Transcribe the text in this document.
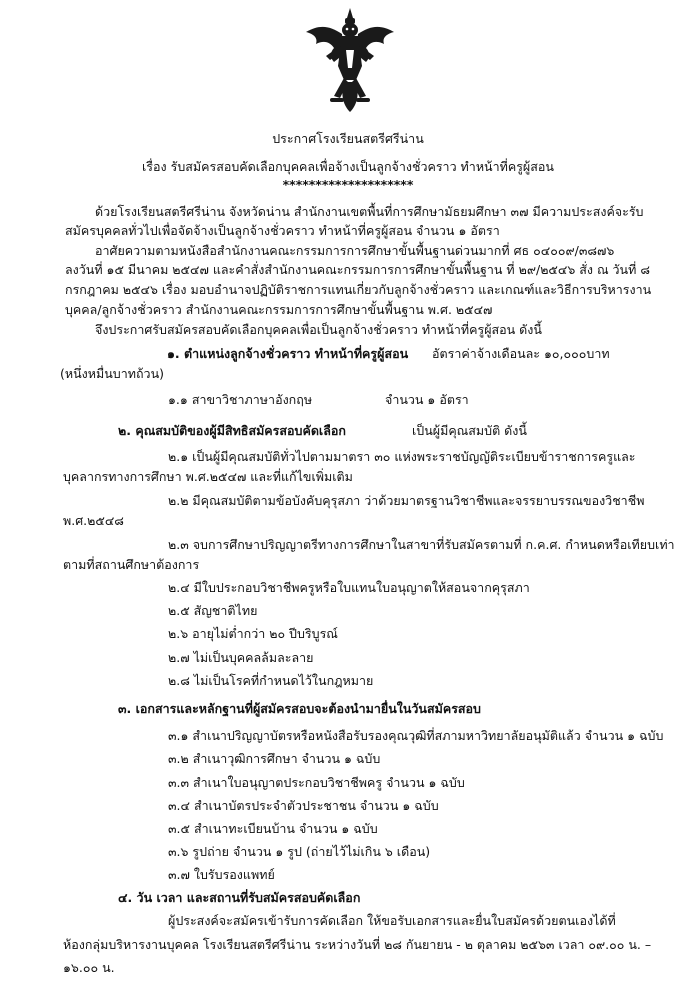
ประกาศโรงเรียนสตรีศรีน่าน
เรื่อง รับสมัครสอบคัดเลือกบุคคลเพื่อจ้างเป็นลูกจ้างชั่วคราว ทำหน้าที่ครูผู้สอน
********************
ด้วยโรงเรียนสตรีศรีน่าน จังหวัดน่าน สำนักงานเขตพื้นที่การศึกษามัธยมศึกษา ๓๗ มีความประสงค์จะรับ
สมัครบุคคลทั่วไปเพื่อจัดจ้างเป็นลูกจ้างชั่วคราว ทำหน้าที่ครูผู้สอน จำนวน ๑ อัตรา
อาศัยความตามหนังสือสำนักงานคณะกรรมการการศึกษาขั้นพื้นฐานด่วนมากที่ ศธ ๐๔๐๐๙/๓๘๗๖
ลงวันที่ ๑๕ มีนาคม ๒๕๔๗ และคำสั่งสำนักงานคณะกรรมการการศึกษาขั้นพื้นฐาน ที่ ๒๙/๒๕๔๖ สั่ง ณ วันที่ ๘
กรกฎาคม ๒๕๔๖ เรื่อง มอบอำนาจปฏิบัติราชการแทนเกี่ยวกับลูกจ้างชั่วคราว และเกณฑ์และวิธีการบริหารงาน
บุคคล/ลูกจ้างชั่วคราว สำนักงานคณะกรรมการการศึกษาขั้นพื้นฐาน พ.ศ. ๒๕๔๗
จึงประกาศรับสมัครสอบคัดเลือกบุคคลเพื่อเป็นลูกจ้างชั่วคราว ทำหน้าที่ครูผู้สอน ดังนี้
๑. ตำแหน่งลูกจ้างชั่วคราว ทำหน้าที่ครูผู้สอน อัตราค่าจ้างเดือนละ ๑๐,๐๐๐บาท
(หนึ่งหมื่นบาทถ้วน)
๑.๑ สาขาวิชาภาษาอังกฤษ	จำนวน ๑ อัตรา
๒. คุณสมบัติของผู้มีสิทธิสมัครสอบคัดเลือก	เป็นผู้มีคุณสมบัติ ดังนี้
๒.๑ เป็นผู้มีคุณสมบัติทั่วไปตามมาตรา ๓๐ แห่งพระราชบัญญัติระเบียบข้าราชการครูและ
บุคลากรทางการศึกษา พ.ศ.๒๕๔๗ และที่แก้ไขเพิ่มเติม
๒.๒ มีคุณสมบัติตามข้อบังคับคุรุสภา ว่าด้วยมาตรฐานวิชาชีพและจรรยาบรรณของวิชาชีพ
พ.ศ.๒๕๔๘
๒.๓ จบการศึกษาปริญญาตรีทางการศึกษาในสาขาที่รับสมัครตามที่ ก.ค.ศ. กำหนดหรือเทียบเท่า
ตามที่สถานศึกษาต้องการ
๒.๔ มีใบประกอบวิชาชีพครูหรือใบแทนใบอนุญาตให้สอนจากคุรุสภา
๒.๕ สัญชาติไทย
๒.๖ อายุไม่ต่ำกว่า ๒๐ ปีบริบูรณ์
๒.๗ ไม่เป็นบุคคลล้มละลาย
๒.๘ ไม่เป็นโรคที่กำหนดไว้ในกฎหมาย
๓. เอกสารและหลักฐานที่ผู้สมัครสอบจะต้องนำมายื่นในวันสมัครสอบ
๓.๑ สำเนาปริญญาบัตรหรือหนังสือรับรองคุณวุฒิที่สภามหาวิทยาลัยอนุมัติแล้ว จำนวน ๑ ฉบับ
๓.๒ สำเนาวุฒิการศึกษา จำนวน ๑ ฉบับ
๓.๓ สำเนาใบอนุญาตประกอบวิชาชีพครู จำนวน ๑ ฉบับ
๓.๔ สำเนาบัตรประจำตัวประชาชน จำนวน ๑ ฉบับ
๓.๕ สำเนาทะเบียนบ้าน จำนวน ๑ ฉบับ
๓.๖ รูปถ่าย จำนวน ๑ รูป (ถ่ายไว้ไม่เกิน ๖ เดือน)
๓.๗ ใบรับรองแพทย์
๔. วัน เวลา และสถานที่รับสมัครสอบคัดเลือก
ผู้ประสงค์จะสมัครเข้ารับการคัดเลือก ให้ขอรับเอกสารและยื่นใบสมัครด้วยตนเองได้ที่
ห้องกลุ่มบริหารงานบุคคล โรงเรียนสตรีศรีน่าน ระหว่างวันที่ ๒๘ กันยายน - ๒ ตุลาคม ๒๕๖๓ เวลา ๐๙.๐๐ น. –
๑๖.๐๐ น.
